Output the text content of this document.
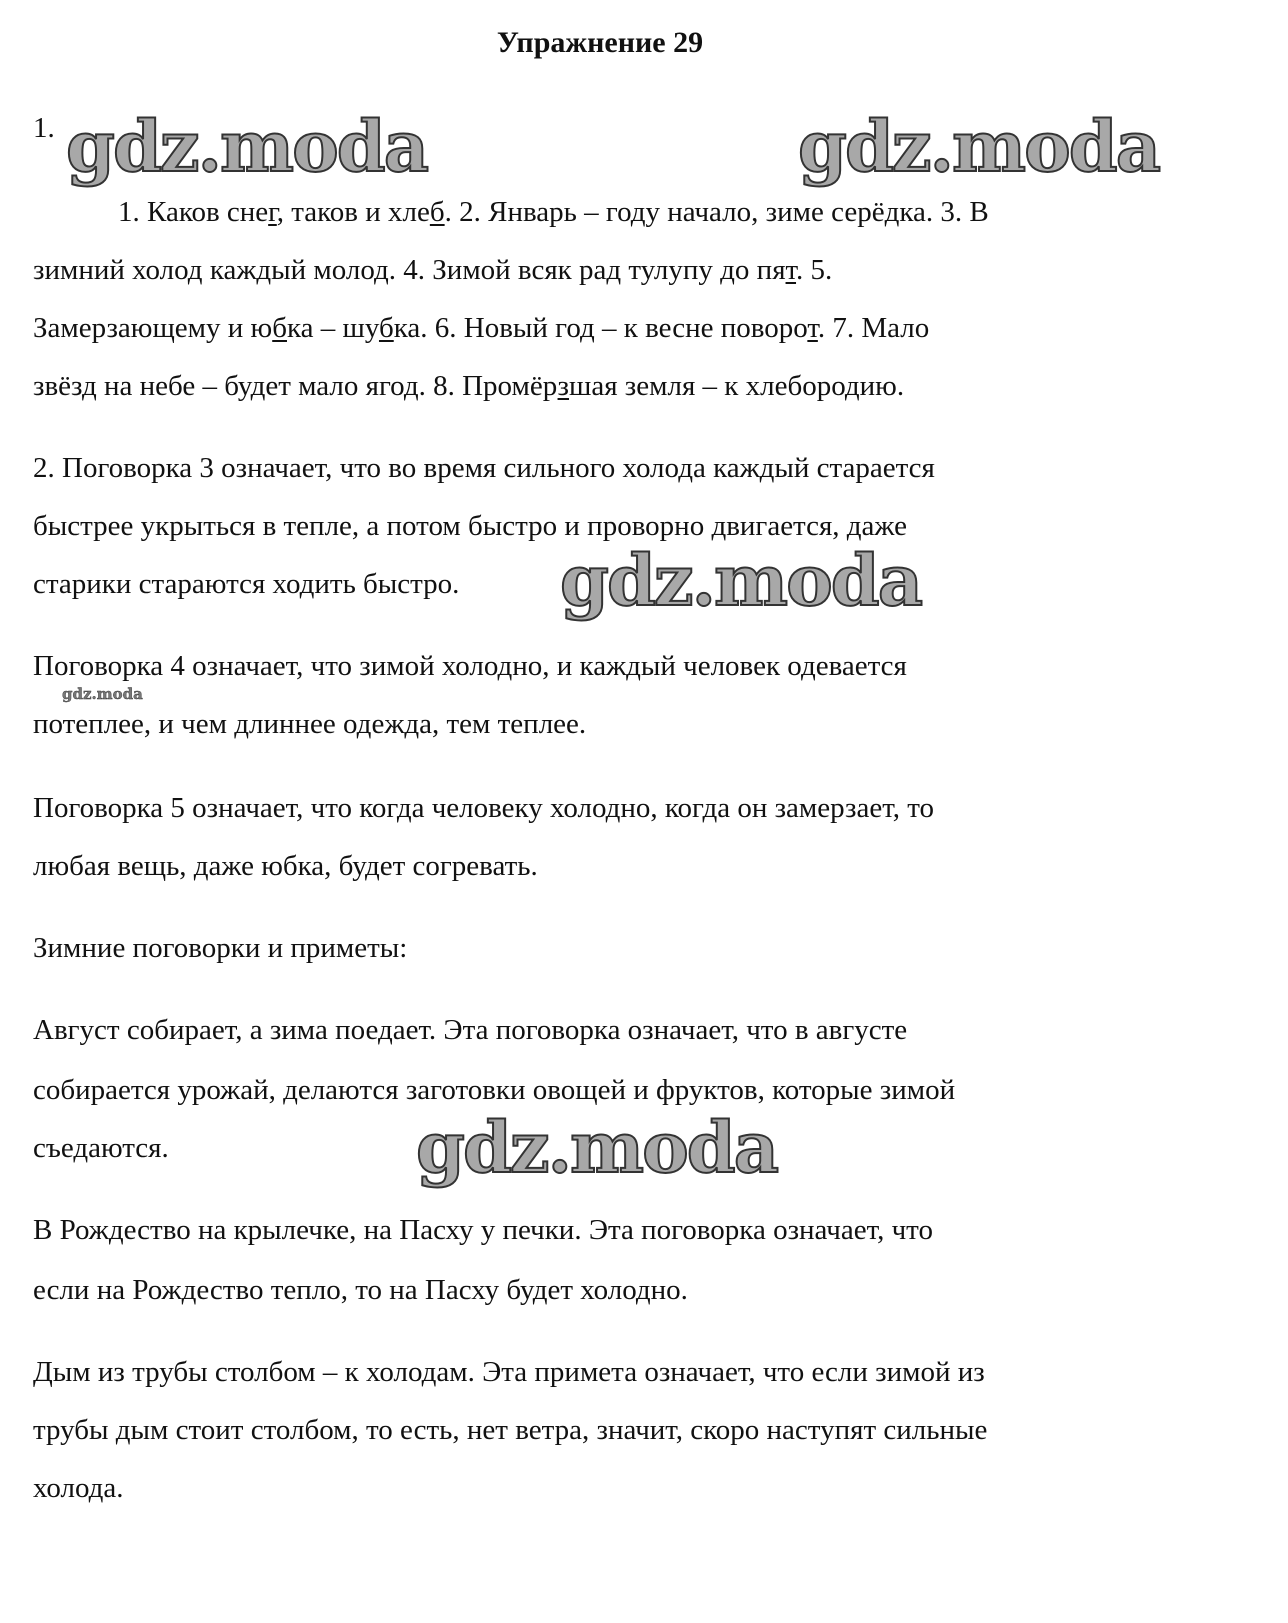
Упражнение 29
1.
1. Каков снег, таков и хлеб. 2. Январь – году начало, зиме серёдка. 3. В
зимний холод каждый молод. 4. Зимой всяк рад тулупу до пят. 5.
Замерзающему и юбка – шубка. 6. Новый год – к весне поворот. 7. Мало
звёзд на небе – будет мало ягод. 8. Промёрзшая земля – к хлебородию.
2. Поговорка 3 означает, что во время сильного холода каждый старается
быстрее укрыться в тепле, а потом быстро и проворно двигается, даже
старики стараются ходить быстро.
Поговорка 4 означает, что зимой холодно, и каждый человек одевается
потеплее, и чем длиннее одежда, тем теплее.
Поговорка 5 означает, что когда человеку холодно, когда он замерзает, то
любая вещь, даже юбка, будет согревать.
Зимние поговорки и приметы:
Август собирает, а зима поедает. Эта поговорка означает, что в августе
собирается урожай, делаются заготовки овощей и фруктов, которые зимой
съедаются.
В Рождество на крылечке, на Пасху у печки. Эта поговорка означает, что
если на Рождество тепло, то на Пасху будет холодно.
Дым из трубы столбом – к холодам. Эта примета означает, что если зимой из
трубы дым стоит столбом, то есть, нет ветра, значит, скоро наступят сильные
холода.
gdz.moda	gdz.moda
gdz.moda
gdz.moda
gdz.moda
